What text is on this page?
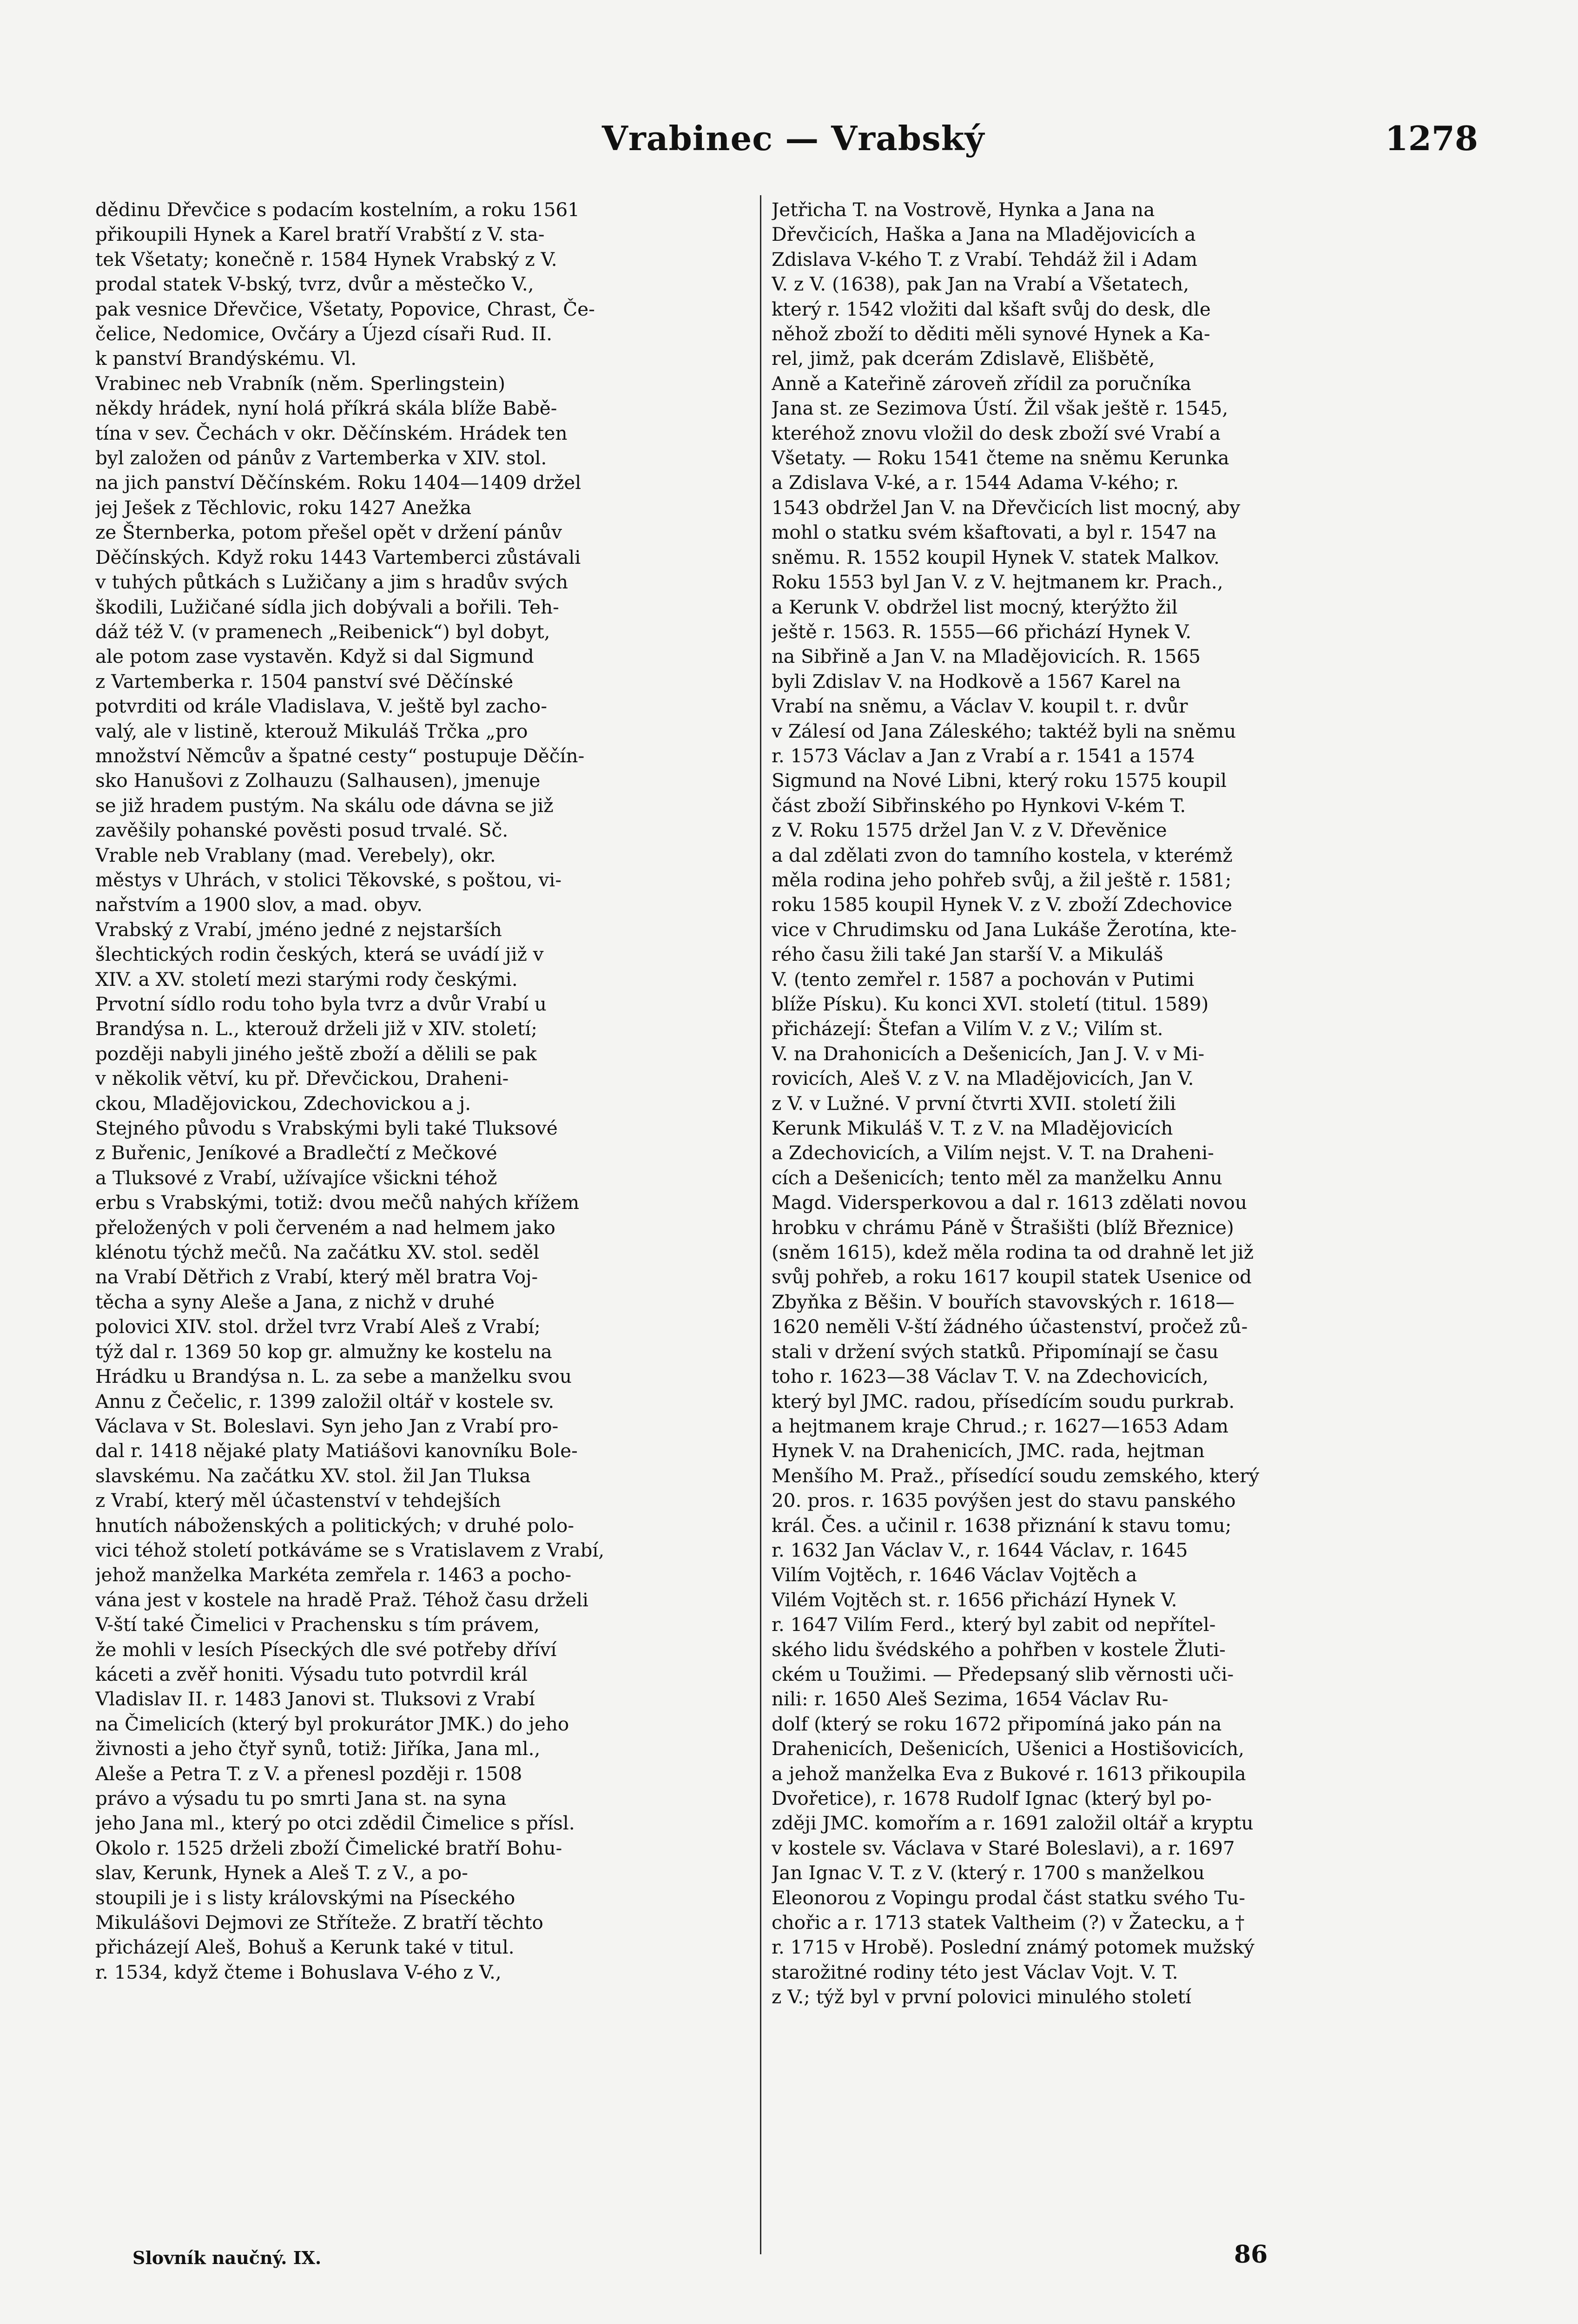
Vrabinec — Vrabský	1278

dědinu Dřevčice s podacím kostelním, a roku 1561

přikoupili Hynek a Karel bratří Vrabští z V. sta-

tek Všetaty; konečně r. 1584 Hynek Vrabský z V.

prodal statek V-bský, tvrz, dvůr a městečko V.,

pak vesnice Dřevčice, Všetaty, Popovice, Chrast, Če-

čelice, Nedomice, Ovčáry a Újezd císaři Rud. II.

k panství Brandýskému. Vl.

Vrabinec neb Vrabník (něm. Sperlingstein)

někdy hrádek, nyní holá příkrá skála blíže Babě-

tína v sev. Čechách v okr. Děčínském. Hrádek ten

byl založen od pánův z Vartemberka v XIV. stol.

na jich panství Děčínském. Roku 1404—1409 držel

jej Ješek z Těchlovic, roku 1427 Anežka

ze Šternberka, potom přešel opět v držení pánův

Děčínských. Když roku 1443 Vartemberci zůstávali

v tuhých půtkách s Lužičany a jim s hradův svých

škodili, Lužičané sídla jich dobývali a bořili. Teh-

dáž též V. (v pramenech „Reibenick“) byl dobyt,

ale potom zase vystavěn. Když si dal Sigmund

z Vartemberka r. 1504 panství své Děčínské

potvrditi od krále Vladislava, V. ještě byl zacho-

valý, ale v listině, kterouž Mikuláš Trčka „pro

množství Němcův a špatné cesty“ postupuje Děčín-

sko Hanušovi z Zolhauzu (Salhausen), jmenuje

se již hradem pustým. Na skálu ode dávna se již

zavěšily pohanské pověsti posud trvalé. Sč.

Vrable neb Vrablany (mad. Verebely), okr.

městys v Uhrách, v stolici Těkovské, s poštou, vi-

nařstvím a 1900 slov, a mad. obyv.

Vrabský z Vrabí, jméno jedné z nejstarších

šlechtických rodin českých, která se uvádí již v

XIV. a XV. století mezi starými rody českými.

Prvotní sídlo rodu toho byla tvrz a dvůr Vrabí u

Brandýsa n. L., kterouž drželi již v XIV. století;

později nabyli jiného ještě zboží a dělili se pak

v několik větví, ku př. Dřevčickou, Draheni-

ckou, Mladějovickou, Zdechovickou a j.

Stejného původu s Vrabskými byli také Tluksové

z Buřenic, Jeníkové a Bradlečtí z Mečkové

a Tluksové z Vrabí, užívajíce všickni téhož

erbu s Vrabskými, totiž: dvou mečů nahých křížem

přeložených v poli červeném a nad helmem jako

klénotu týchž mečů. Na začátku XV. stol. seděl

na Vrabí Dětřich z Vrabí, který měl bratra Voj-

těcha a syny Aleše a Jana, z nichž v druhé

polovici XIV. stol. držel tvrz Vrabí Aleš z Vrabí;

týž dal r. 1369 50 kop gr. almužny ke kostelu na

Hrádku u Brandýsa n. L. za sebe a manželku svou

Annu z Čečelic, r. 1399 založil oltář v kostele sv.

Václava v St. Boleslavi. Syn jeho Jan z Vrabí pro-

dal r. 1418 nějaké platy Matiášovi kanovníku Bole-

slavskému. Na začátku XV. stol. žil Jan Tluksa

z Vrabí, který měl účastenství v tehdejších

hnutích náboženských a politických; v druhé polo-

vici téhož století potkáváme se s Vratislavem z Vrabí,

jehož manželka Markéta zemřela r. 1463 a pocho-

vána jest v kostele na hradě Praž. Téhož času drželi

V-ští také Čimelici v Prachensku s tím právem,

že mohli v lesích Píseckých dle své potřeby dříví

káceti a zvěř honiti. Výsadu tuto potvrdil král

Vladislav II. r. 1483 Janovi st. Tluksovi z Vrabí

na Čimelicích (který byl prokurátor JMK.) do jeho

živnosti a jeho čtyř synů, totiž: Jiříka, Jana ml.,

Aleše a Petra T. z V. a přenesl později r. 1508

právo a výsadu tu po smrti Jana st. na syna

jeho Jana ml., který po otci zdědil Čimelice s přísl.

Okolo r. 1525 drželi zboží Čimelické bratří Bohu-

slav, Kerunk, Hynek a Aleš T. z V., a po-

stoupili je i s listy královskými na Píseckého

Mikulášovi Dejmovi ze Stříteže. Z bratří těchto

přicházejí Aleš, Bohuš a Kerunk také v titul.

r. 1534, když čteme i Bohuslava V-ého z V.,

Jetřicha T. na Vostrově, Hynka a Jana na

Dřevčicích, Haška a Jana na Mladějovicích a

Zdislava V-kého T. z Vrabí. Tehdáž žil i Adam

V. z V. (1638), pak Jan na Vrabí a Všetatech,

který r. 1542 vložiti dal kšaft svůj do desk, dle

něhož zboží to děditi měli synové Hynek a Ka-

rel, jimž, pak dcerám Zdislavě, Elišbětě,

Anně a Kateřině zároveň zřídil za poručníka

Jana st. ze Sezimova Ústí. Žil však ještě r. 1545,

kteréhož znovu vložil do desk zboží své Vrabí a

Všetaty. — Roku 1541 čteme na sněmu Kerunka

a Zdislava V-ké, a r. 1544 Adama V-kého; r.

1543 obdržel Jan V. na Dřevčicích list mocný, aby

mohl o statku svém kšaftovati, a byl r. 1547 na

sněmu. R. 1552 koupil Hynek V. statek Malkov.

Roku 1553 byl Jan V. z V. hejtmanem kr. Prach.,

a Kerunk V. obdržel list mocný, kterýžto žil

ještě r. 1563. R. 1555—66 přichází Hynek V.

na Sibřině a Jan V. na Mladějovicích. R. 1565

byli Zdislav V. na Hodkově a 1567 Karel na

Vrabí na sněmu, a Václav V. koupil t. r. dvůr

v Zálesí od Jana Záleského; taktéž byli na sněmu

r. 1573 Václav a Jan z Vrabí a r. 1541 a 1574

Sigmund na Nové Libni, který roku 1575 koupil

část zboží Sibřinského po Hynkovi V-kém T.

z V. Roku 1575 držel Jan V. z V. Dřevěnice

a dal zdělati zvon do tamního kostela, v kterémž

měla rodina jeho pohřeb svůj, a žil ještě r. 1581;

roku 1585 koupil Hynek V. z V. zboží Zdechovice

vice v Chrudimsku od Jana Lukáše Žerotína, kte-

rého času žili také Jan starší V. a Mikuláš

V. (tento zemřel r. 1587 a pochován v Putimi

blíže Písku). Ku konci XVI. století (titul. 1589)

přicházejí: Štefan a Vilím V. z V.; Vilím st.

V. na Drahonicích a Dešenicích, Jan J. V. v Mi-

rovicích, Aleš V. z V. na Mladějovicích, Jan V.

z V. v Lužné. V první čtvrti XVII. století žili

Kerunk Mikuláš V. T. z V. na Mladějovicích

a Zdechovicích, a Vilím nejst. V. T. na Draheni-

cích a Dešenicích; tento měl za manželku Annu

Magd. Vidersperkovou a dal r. 1613 zdělati novou

hrobku v chrámu Páně v Štrašišti (blíž Březnice)

(sněm 1615), kdež měla rodina ta od drahně let již

svůj pohřeb, a roku 1617 koupil statek Usenice od

Zbyňka z Běšin. V bouřích stavovských r. 1618—

1620 neměli V-ští žádného účastenství, pročež zů-

stali v držení svých statků. Připomínají se času

toho r. 1623—38 Václav T. V. na Zdechovicích,

který byl JMC. radou, přísedícím soudu purkrab.

a hejtmanem kraje Chrud.; r. 1627—1653 Adam

Hynek V. na Drahenicích, JMC. rada, hejtman

Menšího M. Praž., přísedící soudu zemského, který

20. pros. r. 1635 povýšen jest do stavu panského

král. Čes. a učinil r. 1638 přiznání k stavu tomu;

r. 1632 Jan Václav V., r. 1644 Václav, r. 1645

Vilím Vojtěch, r. 1646 Václav Vojtěch a

Vilém Vojtěch st. r. 1656 přichází Hynek V.

r. 1647 Vilím Ferd., který byl zabit od nepřítel-

ského lidu švédského a pohřben v kostele Žluti-

ckém u Toužimi. — Předepsaný slib věrnosti uči-

nili: r. 1650 Aleš Sezima, 1654 Václav Ru-

dolf (který se roku 1672 připomíná jako pán na

Drahenicích, Dešenicích, Ušenici a Hostišovicích,

a jehož manželka Eva z Bukové r. 1613 přikoupila

Dvořetice), r. 1678 Rudolf Ignac (který byl po-

zději JMC. komořím a r. 1691 založil oltář a kryptu

v kostele sv. Václava v Staré Boleslavi), a r. 1697

Jan Ignac V. T. z V. (který r. 1700 s manželkou

Eleonorou z Vopingu prodal část statku svého Tu-

chořic a r. 1713 statek Valtheim (?) v Žatecku, a †

r. 1715 v Hrobě). Poslední známý potomek mužský

starožitné rodiny této jest Václav Vojt. V. T.

z V.; týž byl v první polovici minulého století

Slovník naučný. IX.	86
